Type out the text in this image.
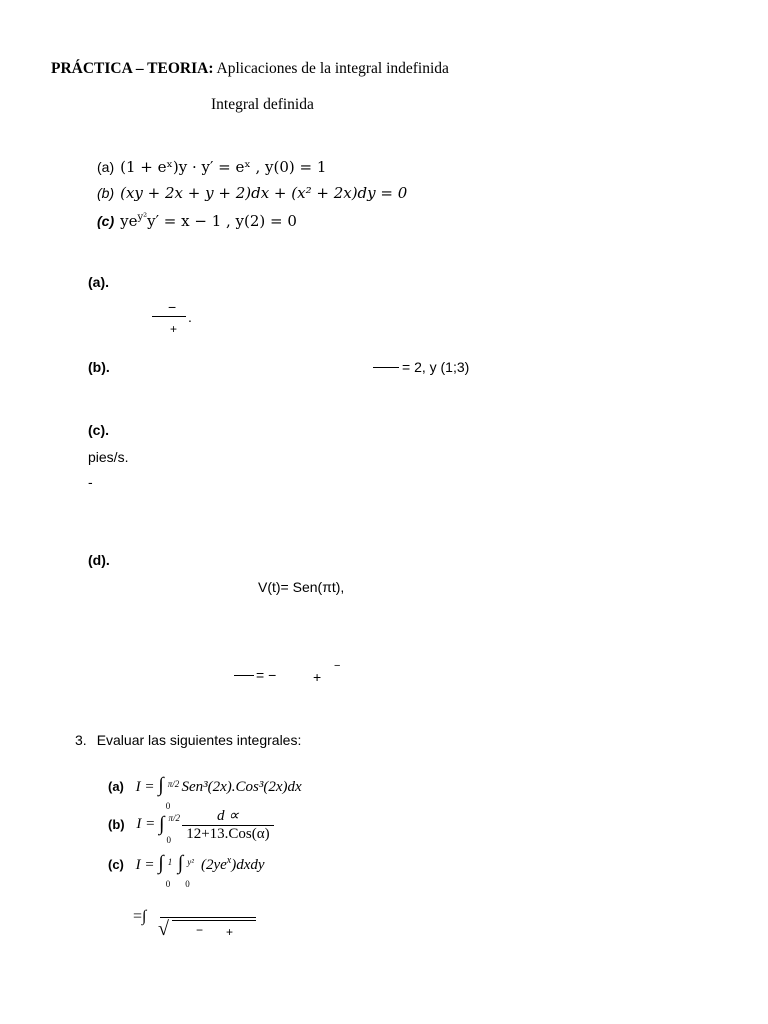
PRÁCTICA – TEORIA: Aplicaciones de la integral indefinida
Integral definida
(a) (1 + eˣ)y · y′ = eˣ , y(0) = 1
(b) (xy + 2x + y + 2)dx + (x² + 2x)dy = 0
(c) $ye^{y^2}y' = x - 1$ , y(2) = 0
(a).
−
.
+
(b).	= 2, y (1;3)
(c).
pies/s.
-
(d).
V(t)= Sen(πt),
= −	+
−
3. Evaluar las siguientes integrales:
(a) I = ∫ π/2
0
Sen³(2x).Cos³(2x)dx
(b) I = ∫ π/2
0
$\frac{d \propto}{\text{12+13.Cos(α)}}$
(c) I = ∫ 1
0
∫ y²
0
$(2ye^x)dxdy$
=∫
√ − +
